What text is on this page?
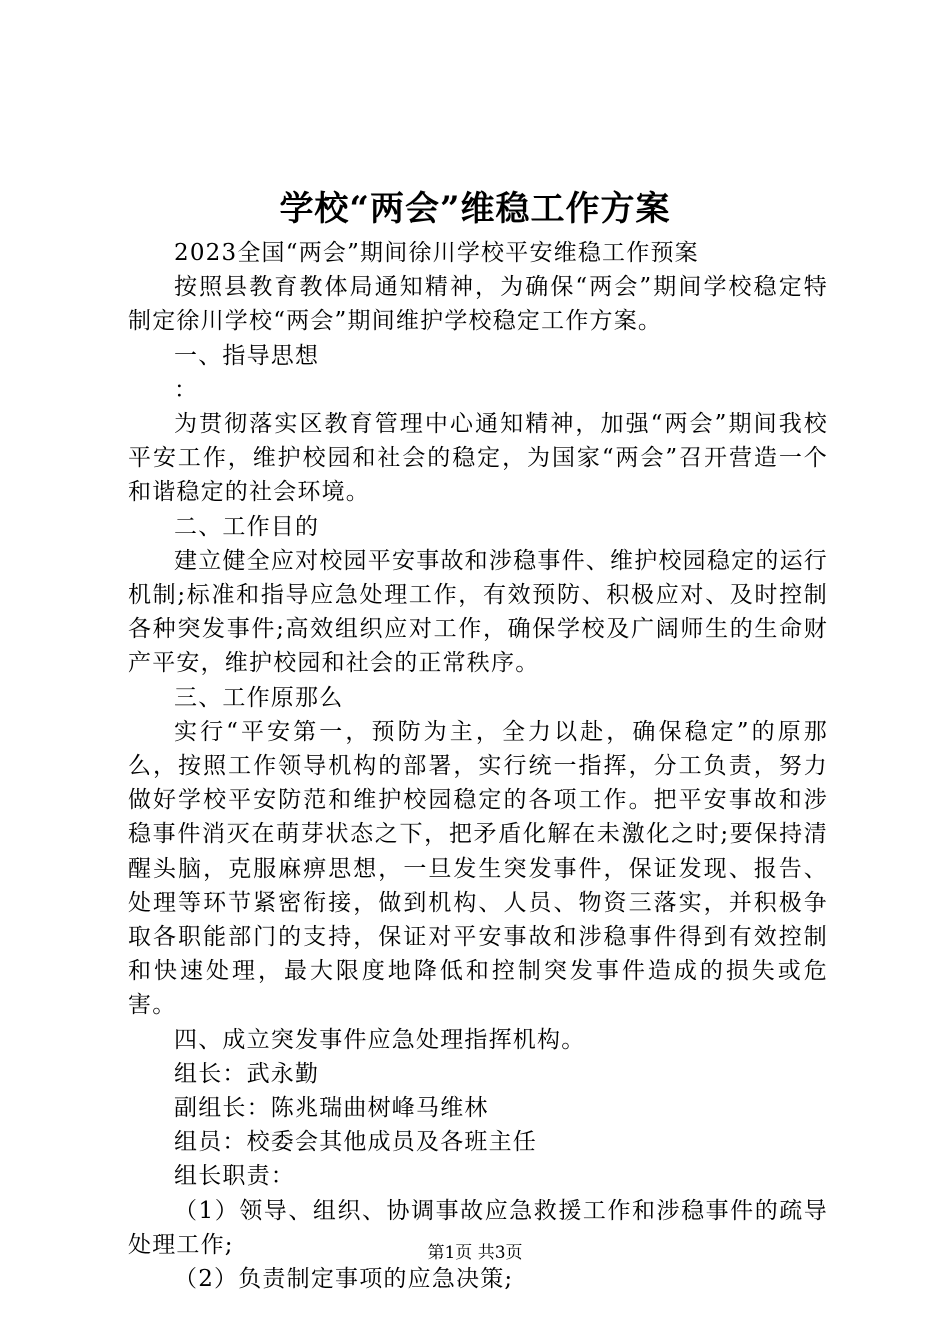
学校“两会”维稳工作方案

2023全国“两会”期间徐川学校平安维稳工作预案

按照县教育教体局通知精神，为确保“两会”期间学校稳定特制定徐川学校“两会”期间维护学校稳定工作方案。

一、指导思想

：

为贯彻落实区教育管理中心通知精神，加强“两会”期间我校平安工作，维护校园和社会的稳定，为国家“两会”召开营造一个和谐稳定的社会环境。

二、工作目的

建立健全应对校园平安事故和涉稳事件、维护校园稳定的运行机制;标准和指导应急处理工作，有效预防、积极应对、及时控制各种突发事件;高效组织应对工作，确保学校及广阔师生的生命财产平安，维护校园和社会的正常秩序。

三、工作原那么

实行“平安第一，预防为主，全力以赴，确保稳定”的原那么，按照工作领导机构的部署，实行统一指挥，分工负责，努力做好学校平安防范和维护校园稳定的各项工作。把平安事故和涉稳事件消灭在萌芽状态之下，把矛盾化解在未激化之时;要保持清醒头脑，克服麻痹思想，一旦发生突发事件，保证发现、报告、处理等环节紧密衔接，做到机构、人员、物资三落实，并积极争取各职能部门的支持，保证对平安事故和涉稳事件得到有效控制和快速处理，最大限度地降低和控制突发事件造成的损失或危害。

四、成立突发事件应急处理指挥机构。

组长：武永勤

副组长：陈兆瑞曲树峰马维林

组员：校委会其他成员及各班主任

组长职责：

（1）领导、组织、协调事故应急救援工作和涉稳事件的疏导处理工作;

（2）负责制定事项的应急决策;

第1页 共3页
